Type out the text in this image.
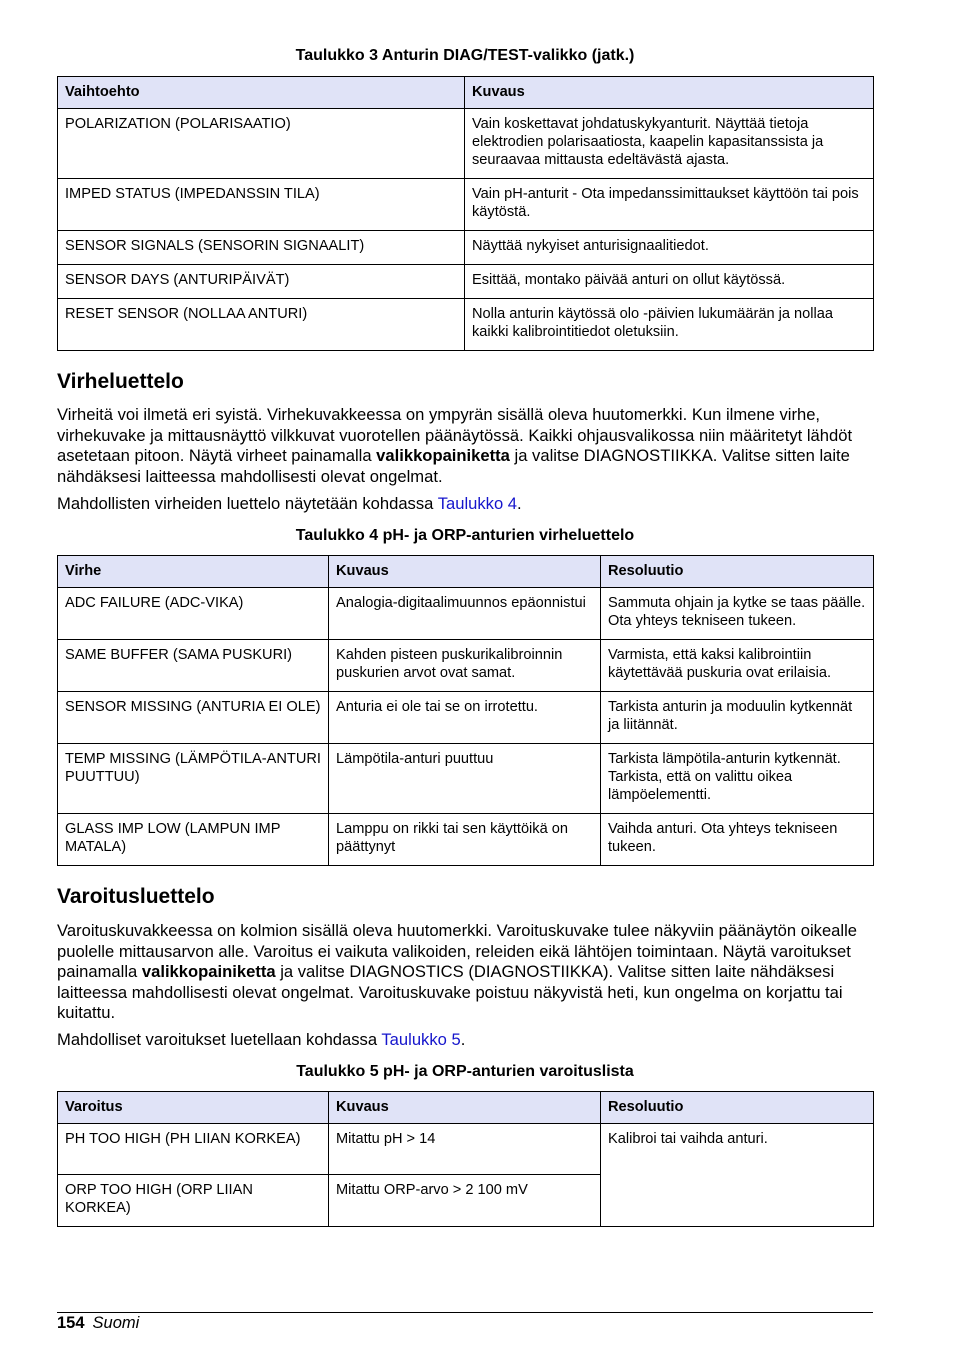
Taulukko 3 Anturin DIAG/TEST-valikko (jatk.)
Vaihtoehto	Kuvaus
POLARIZATION (POLARISAATIO)	Vain koskettavat johdatuskykyanturit. Näyttää tietoja elektrodien polarisaatiosta, kaapelin kapasitanssista ja seuraavaa mittausta edeltävästä ajasta.
IMPED STATUS (IMPEDANSSIN TILA)	Vain pH-anturit - Ota impedanssimittaukset käyttöön tai pois käytöstä.
SENSOR SIGNALS (SENSORIN SIGNAALIT)	Näyttää nykyiset anturisignaalitiedot.
SENSOR DAYS (ANTURIPÄIVÄT)	Esittää, montako päivää anturi on ollut käytössä.
RESET SENSOR (NOLLAA ANTURI)	Nolla anturin käytössä olo -päivien lukumäärän ja nollaa kaikki kalibrointitiedot oletuksiin.
Virheluettelo

Virheitä voi ilmetä eri syistä. Virhekuvakkeessa on ympyrän sisällä oleva huutomerkki. Kun ilmene virhe, virhekuvake ja mittausnäyttö vilkkuvat vuorotellen päänäytössä. Kaikki ohjausvalikossa niin määritetyt lähdöt asetetaan pitoon. Näytä virheet painamalla valikkopainiketta ja valitse DIAGNOSTIIKKA. Valitse sitten laite nähdäksesi laitteessa mahdollisesti olevat ongelmat.

Mahdollisten virheiden luettelo näytetään kohdassa Taulukko 4.

Taulukko 4 pH- ja ORP-anturien virheluettelo
Virhe	Kuvaus	Resoluutio
ADC FAILURE (ADC-VIKA)	Analogia-digitaalimuunnos epäonnistui	Sammuta ohjain ja kytke se taas päälle. Ota yhteys tekniseen tukeen.
SAME BUFFER (SAMA PUSKURI)	Kahden pisteen puskurikalibroinnin puskurien arvot ovat samat.	Varmista, että kaksi kalibrointiin käytettävää puskuria ovat erilaisia.
SENSOR MISSING (ANTURIA EI OLE)	Anturia ei ole tai se on irrotettu.	Tarkista anturin ja moduulin kytkennät ja liitännät.
TEMP MISSING (LÄMPÖTILA-ANTURI PUUTTUU)	Lämpötila-anturi puuttuu	Tarkista lämpötila-anturin kytkennät. Tarkista, että on valittu oikea lämpöelementti.
GLASS IMP LOW (LAMPUN IMP MATALA)	Lamppu on rikki tai sen käyttöikä on päättynyt	Vaihda anturi. Ota yhteys tekniseen tukeen.
Varoitusluettelo

Varoituskuvakkeessa on kolmion sisällä oleva huutomerkki. Varoituskuvake tulee näkyviin päänäytön oikealle puolelle mittausarvon alle. Varoitus ei vaikuta valikoiden, releiden eikä lähtöjen toimintaan. Näytä varoitukset painamalla valikkopainiketta ja valitse DIAGNOSTICS (DIAGNOSTIIKKA). Valitse sitten laite nähdäksesi laitteessa mahdollisesti olevat ongelmat. Varoituskuvake poistuu näkyvistä heti, kun ongelma on korjattu tai kuitattu.

Mahdolliset varoitukset luetellaan kohdassa Taulukko 5.

Taulukko 5 pH- ja ORP-anturien varoituslista
Varoitus	Kuvaus	Resoluutio
PH TOO HIGH (PH LIIAN KORKEA)	Mitattu pH > 14	Kalibroi tai vaihda anturi.
ORP TOO HIGH (ORP LIIAN KORKEA)	Mitattu ORP-arvo > 2 100 mV	
154 Suomi
